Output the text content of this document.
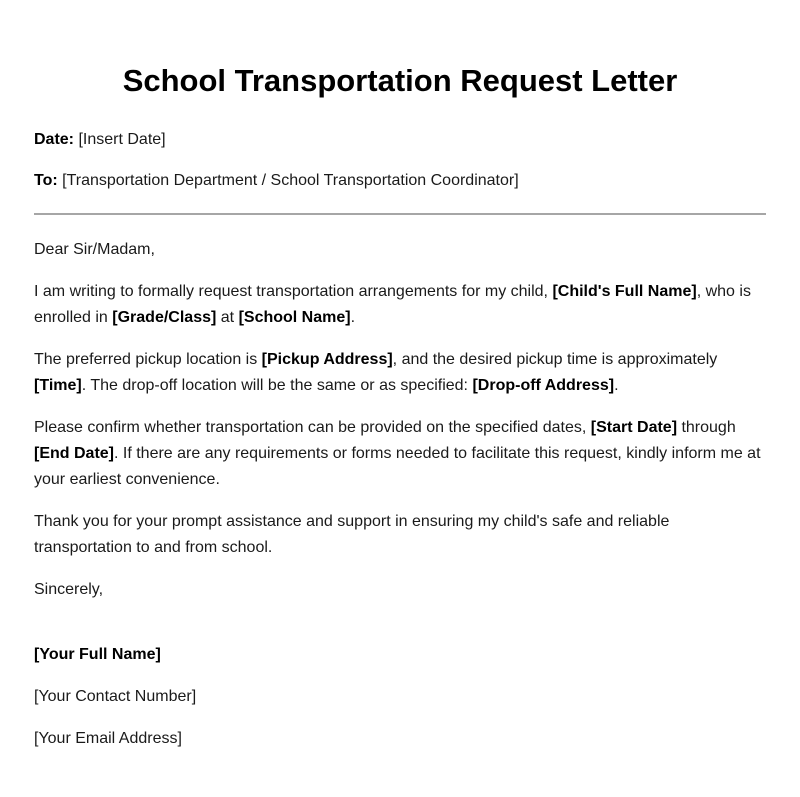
School Transportation Request Letter

Date: [Insert Date]

To: [Transportation Department / School Transportation Coordinator]

Dear Sir/Madam,

I am writing to formally request transportation arrangements for my child, [Child's Full Name], who is enrolled in [Grade/Class] at [School Name].

The preferred pickup location is [Pickup Address], and the desired pickup time is approximately [Time]. The drop-off location will be the same or as specified: [Drop-off Address].

Please confirm whether transportation can be provided on the specified dates, [Start Date] through [End Date]. If there are any requirements or forms needed to facilitate this request, kindly inform me at your earliest convenience.

Thank you for your prompt assistance and support in ensuring my child's safe and reliable transportation to and from school.

Sincerely,

[Your Full Name]

[Your Contact Number]

[Your Email Address]
